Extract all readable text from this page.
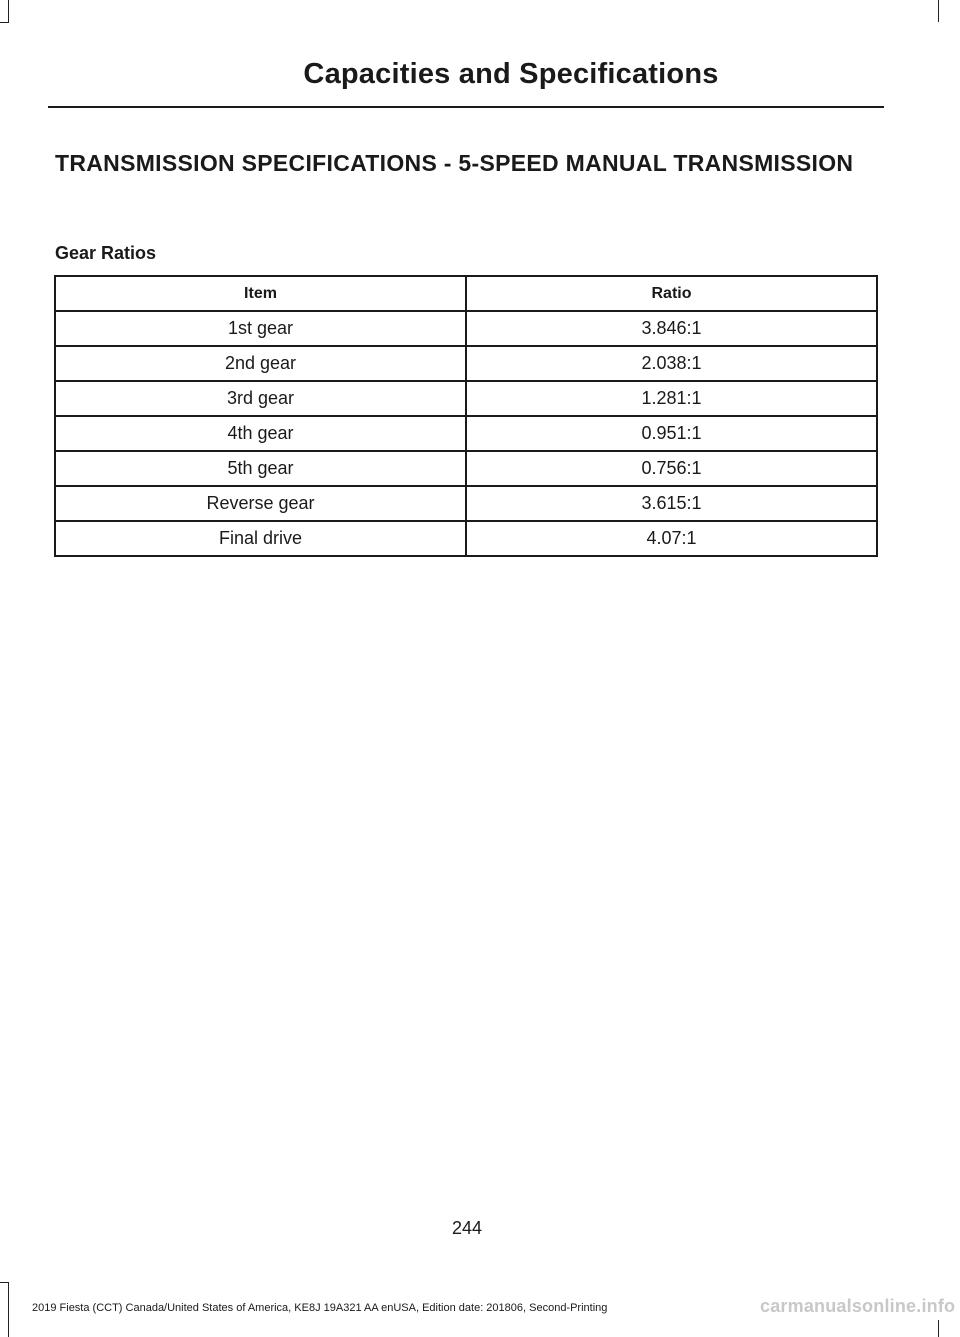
Capacities and Specifications
TRANSMISSION SPECIFICATIONS - 5-SPEED MANUAL TRANSMISSION
Gear Ratios
Item	Ratio
1st gear	3.846:1
2nd gear	2.038:1
3rd gear	1.281:1
4th gear	0.951:1
5th gear	0.756:1
Reverse gear	3.615:1
Final drive	4.07:1
244
2019 Fiesta (CCT) Canada/United States of America, KE8J 19A321 AA enUSA, Edition date: 201806, Second-Printing	carmanualsonline.info
